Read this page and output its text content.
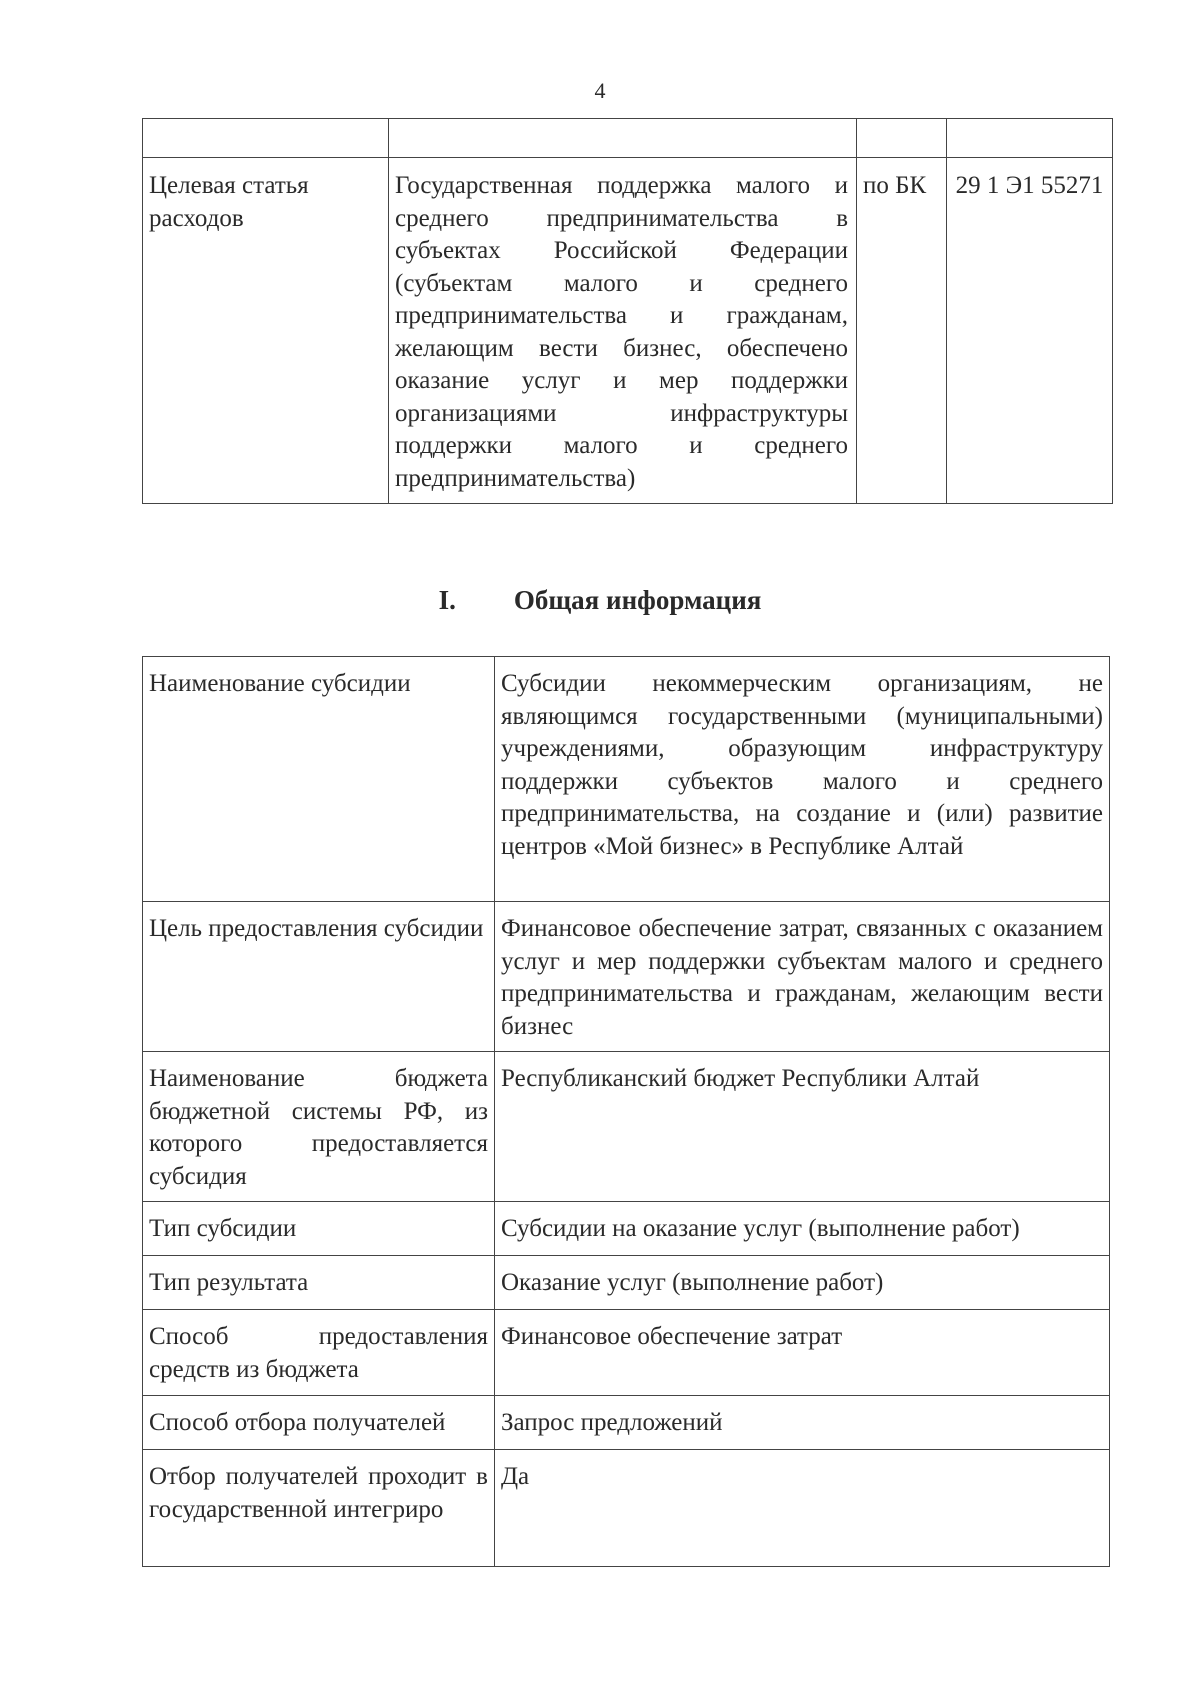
4

Целевая статья расходов	Государственная поддержка малого и среднего предпринимательства в субъектах Российской Федерации (субъектам малого и среднего предпринимательства и гражданам, желающим вести бизнес, обеспечено оказание услуг и мер поддержки организациями инфраструктуры поддержки малого и среднего предпринимательства)	по БК	29 1 Э1 55271
I. Общая информация
Наименование субсидии	Субсидии некоммерческим организациям, не являющимся государственными (муниципальными) учреждениями, образующим инфраструктуру поддержки субъектов малого и среднего предпринимательства, на создание и (или) развитие центров «Мой бизнес» в Республике Алтай
Цель предоставления субсидии	Финансовое обеспечение затрат, связанных с оказанием услуг и мер поддержки субъектам малого и среднего предпринимательства и гражданам, желающим вести бизнес
Наименование бюджета бюджетной системы РФ, из которого предоставляется субсидия	Республиканский бюджет Республики Алтай
Тип субсидии	Субсидии на оказание услуг (выполнение работ)
Тип результата	Оказание услуг (выполнение работ)
Способ предоставления средств из бюджета	Финансовое обеспечение затрат
Способ отбора получателей	Запрос предложений
Отбор получателей проходит в государственной интегриро	Да
